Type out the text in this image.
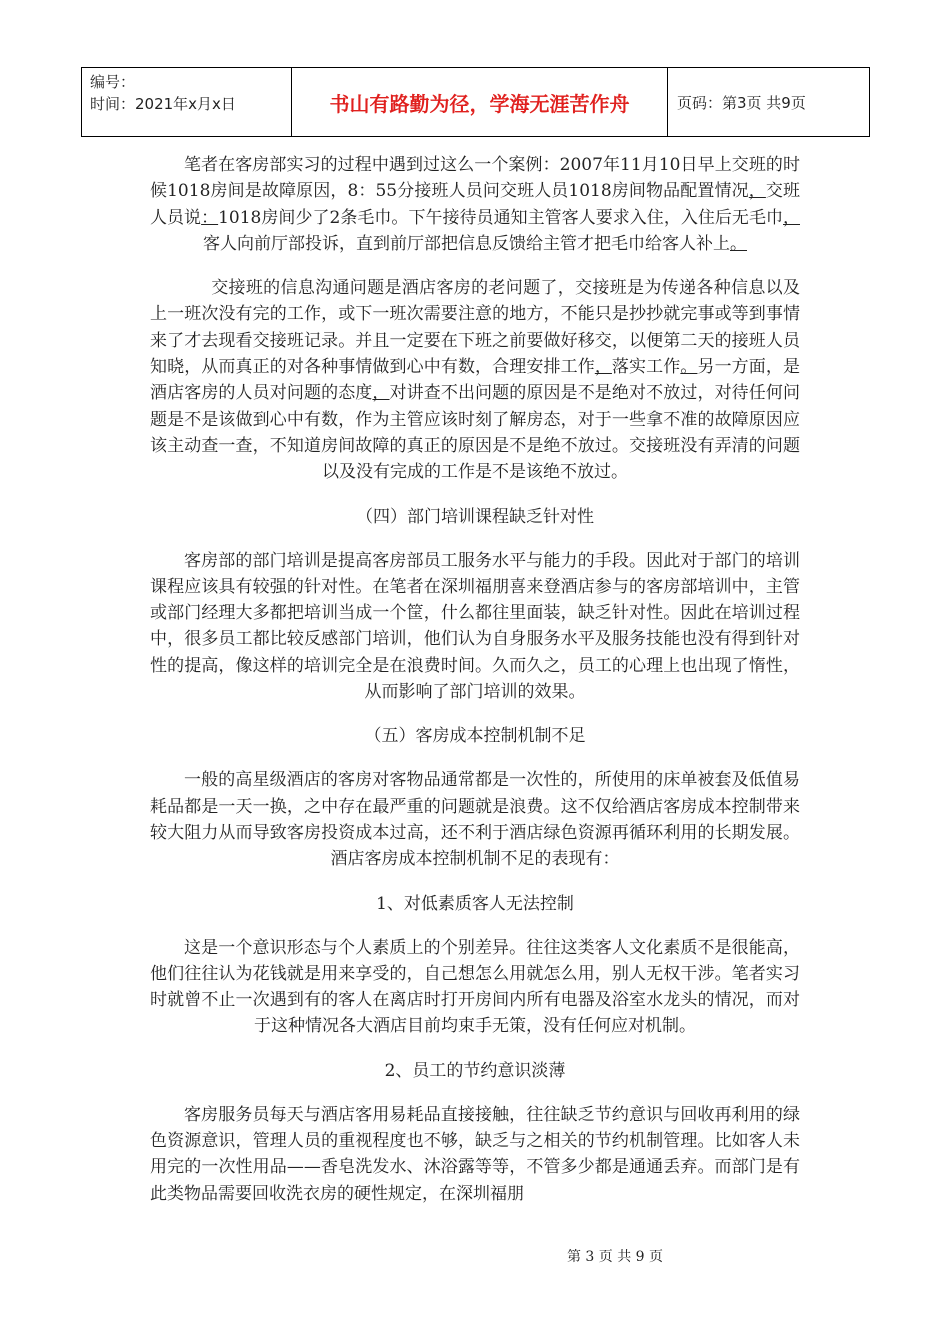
编号：
时间：2021年x月x日	书山有路勤为径，学海无涯苦作舟	页码：第3页 共9页

笔者在客房部实习的过程中遇到过这么一个案例：2007年11月10日早上交班的时候1018房间是故障原因，8：55分接班人员问交班人员1018房间物品配置情况，交班人员说：1018房间少了2条毛巾。下午接待员通知主管客人要求入住，入住后无毛巾，客人向前厅部投诉，直到前厅部把信息反馈给主管才把毛巾给客人补上。

交接班的信息沟通问题是酒店客房的老问题了，交接班是为传递各种信息以及上一班次没有完的工作，或下一班次需要注意的地方，不能只是抄抄就完事或等到事情来了才去现看交接班记录。并且一定要在下班之前要做好移交，以便第二天的接班人员知晓，从而真正的对各种事情做到心中有数，合理安排工作，落实工作。另一方面，是酒店客房的人员对问题的态度，对讲查不出问题的原因是不是绝对不放过，对待任何问题是不是该做到心中有数，作为主管应该时刻了解房态，对于一些拿不准的故障原因应该主动查一查，不知道房间故障的真正的原因是不是绝不放过。交接班没有弄清的问题以及没有完成的工作是不是该绝不放过。

（四）部门培训课程缺乏针对性

客房部的部门培训是提高客房部员工服务水平与能力的手段。因此对于部门的培训课程应该具有较强的针对性。在笔者在深圳福朋喜来登酒店参与的客房部培训中，主管或部门经理大多都把培训当成一个筐，什么都往里面装，缺乏针对性。因此在培训过程中，很多员工都比较反感部门培训，他们认为自身服务水平及服务技能也没有得到针对性的提高，像这样的培训完全是在浪费时间。久而久之，员工的心理上也出现了惰性，从而影响了部门培训的效果。

（五）客房成本控制机制不足

一般的高星级酒店的客房对客物品通常都是一次性的，所使用的床单被套及低值易耗品都是一天一换，之中存在最严重的问题就是浪费。这不仅给酒店客房成本控制带来较大阻力从而导致客房投资成本过高，还不利于酒店绿色资源再循环利用的长期发展。酒店客房成本控制机制不足的表现有：

1、对低素质客人无法控制

这是一个意识形态与个人素质上的个别差异。往往这类客人文化素质不是很能高，他们往往认为花钱就是用来享受的，自己想怎么用就怎么用，别人无权干涉。笔者实习时就曾不止一次遇到有的客人在离店时打开房间内所有电器及浴室水龙头的情况，而对于这种情况各大酒店目前均束手无策，没有任何应对机制。

2、员工的节约意识淡薄

客房服务员每天与酒店客用易耗品直接接触，往往缺乏节约意识与回收再利用的绿色资源意识，管理人员的重视程度也不够，缺乏与之相关的节约机制管理。比如客人未用完的一次性用品——香皂洗发水、沐浴露等等，不管多少都是通通丢弃。而部门是有此类物品需要回收洗衣房的硬性规定，在深圳福朋

第 3 页 共 9 页
